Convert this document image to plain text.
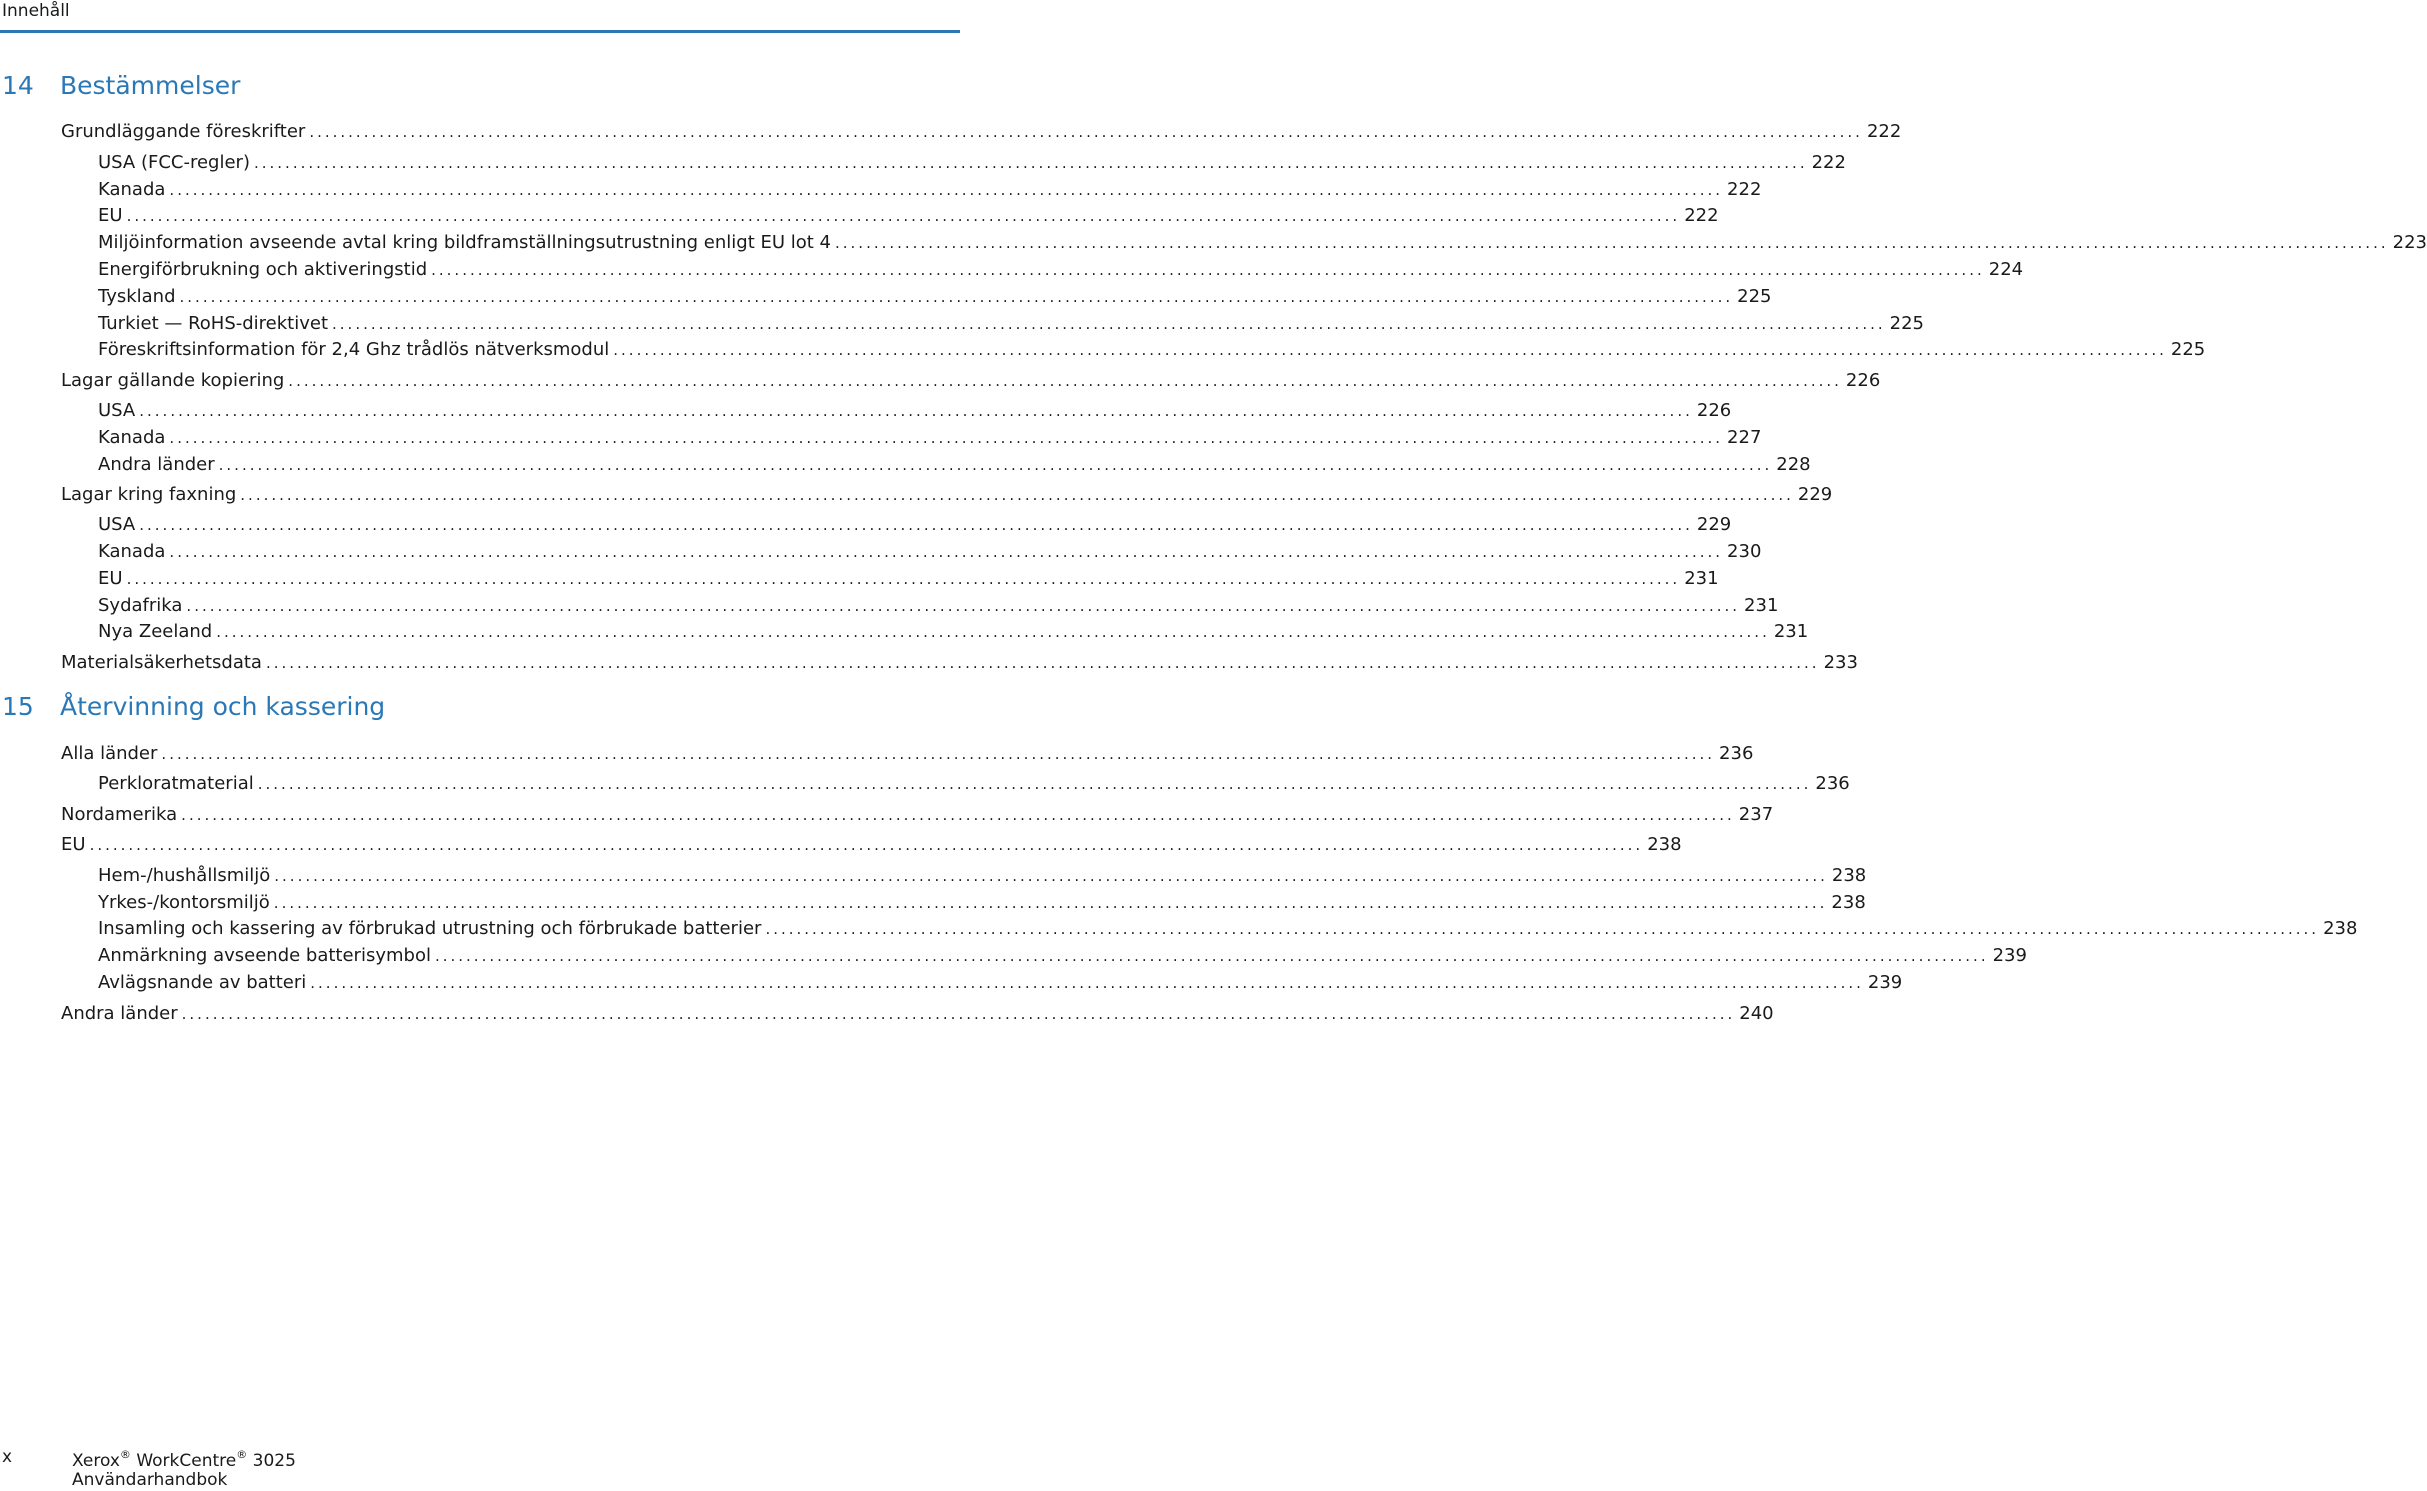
Innehåll
14 Bestämmelser
Grundläggande föreskrifter ........................................................................................................................................................................................................ 222
USA (FCC-regler) ........................................................................................................................................................................................................ 222
Kanada ........................................................................................................................................................................................................ 222
EU ........................................................................................................................................................................................................ 222
Miljöinformation avseende avtal kring bildframställningsutrustning enligt EU lot 4 ........................................................................................................................................................................................................ 223
Energiförbrukning och aktiveringstid ........................................................................................................................................................................................................ 224
Tyskland ........................................................................................................................................................................................................ 225
Turkiet — RoHS-direktivet ........................................................................................................................................................................................................ 225
Föreskriftsinformation för 2,4 Ghz trådlös nätverksmodul ........................................................................................................................................................................................................ 225
Lagar gällande kopiering ........................................................................................................................................................................................................ 226
USA ........................................................................................................................................................................................................ 226
Kanada ........................................................................................................................................................................................................ 227
Andra länder ........................................................................................................................................................................................................ 228
Lagar kring faxning ........................................................................................................................................................................................................ 229
USA ........................................................................................................................................................................................................ 229
Kanada ........................................................................................................................................................................................................ 230
EU ........................................................................................................................................................................................................ 231
Sydafrika ........................................................................................................................................................................................................ 231
Nya Zeeland ........................................................................................................................................................................................................ 231
Materialsäkerhetsdata ........................................................................................................................................................................................................ 233
15 Återvinning och kassering
Alla länder ........................................................................................................................................................................................................ 236
Perkloratmaterial ........................................................................................................................................................................................................ 236
Nordamerika ........................................................................................................................................................................................................ 237
EU ........................................................................................................................................................................................................ 238
Hem-/hushållsmiljö ........................................................................................................................................................................................................ 238
Yrkes-/kontorsmiljö ........................................................................................................................................................................................................ 238
Insamling och kassering av förbrukad utrustning och förbrukade batterier ........................................................................................................................................................................................................ 238
Anmärkning avseende batterisymbol ........................................................................................................................................................................................................ 239
Avlägsnande av batteri ........................................................................................................................................................................................................ 239
Andra länder ........................................................................................................................................................................................................ 240
x	Xerox® WorkCentre® 3025
Användarhandbok
